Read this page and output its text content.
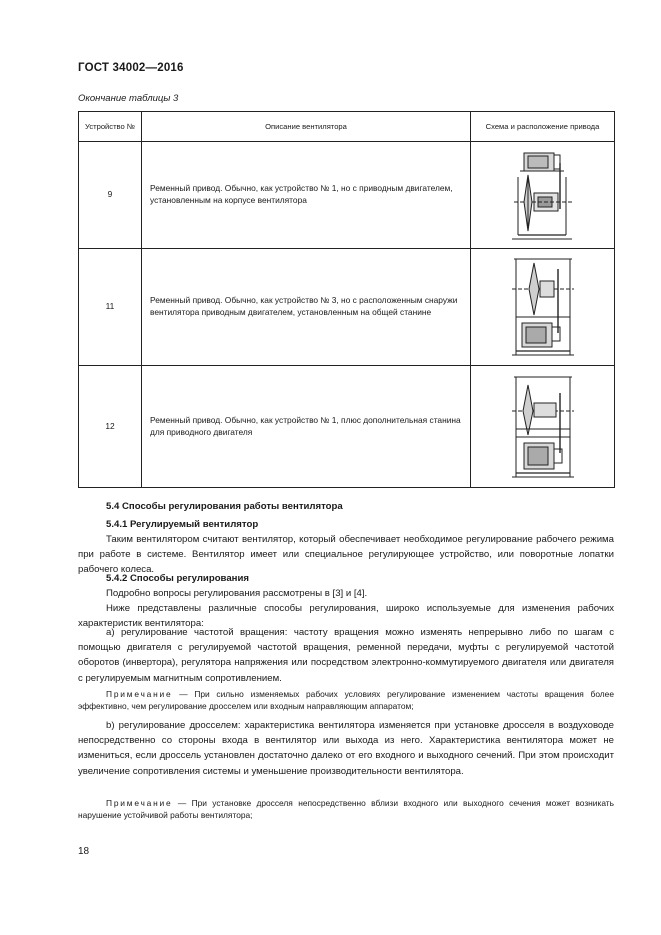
ГОСТ 34002—2016
Окончание таблицы 3
Устройство №	Описание вентилятора	Схема и расположение привода
9	Ременный привод. Обычно, как устройство № 1, но с приводным двигателем, установленным на корпусе вентилятора	

11	Ременный привод. Обычно, как устройство № 3, но с расположенным снаружи вентилятора приводным двигателем, установленным на общей станине	

12	Ременный привод. Обычно, как устройство № 1, плюс дополнительная станина для приводного двигателя	
5.4 Способы регулирования работы вентилятора
5.4.1 Регулируемый вентилятор
Таким вентилятором считают вентилятор, который обеспечивает необходимое регулирование рабочего режима при работе в системе. Вентилятор имеет или специальное регулирующее устройство, или поворотные лопатки рабочего колеса.
5.4.2 Способы регулирования
Подробно вопросы регулирования рассмотрены в [3] и [4].
Ниже представлены различные способы регулирования, широко используемые для изменения рабочих характеристик вентилятора:
а) регулирование частотой вращения: частоту вращения можно изменять непрерывно либо по шагам с помощью двигателя с регулируемой частотой вращения, ременной передачи, муфты с регулируемой частотой оборотов (инвертора), регулятора напряжения или посредством электронно-коммутируемого двигателя или двигателя с регулируемым магнитным сопротивлением.
Примечание — При сильно изменяемых рабочих условиях регулирование изменением частоты вращения более эффективно, чем регулирование дросселем или входным направляющим аппаратом;
b) регулирование дросселем: характеристика вентилятора изменяется при установке дросселя в воздуховоде непосредственно со стороны входа в вентилятор или выхода из него. Характеристика вентилятора может не измениться, если дроссель установлен достаточно далеко от его входного и выходного сечений. При этом происходит увеличение сопротивления системы и уменьшение производительности вентилятора.
Примечание — При установке дросселя непосредственно вблизи входного или выходного сечения может возникать нарушение устойчивой работы вентилятора;
18
